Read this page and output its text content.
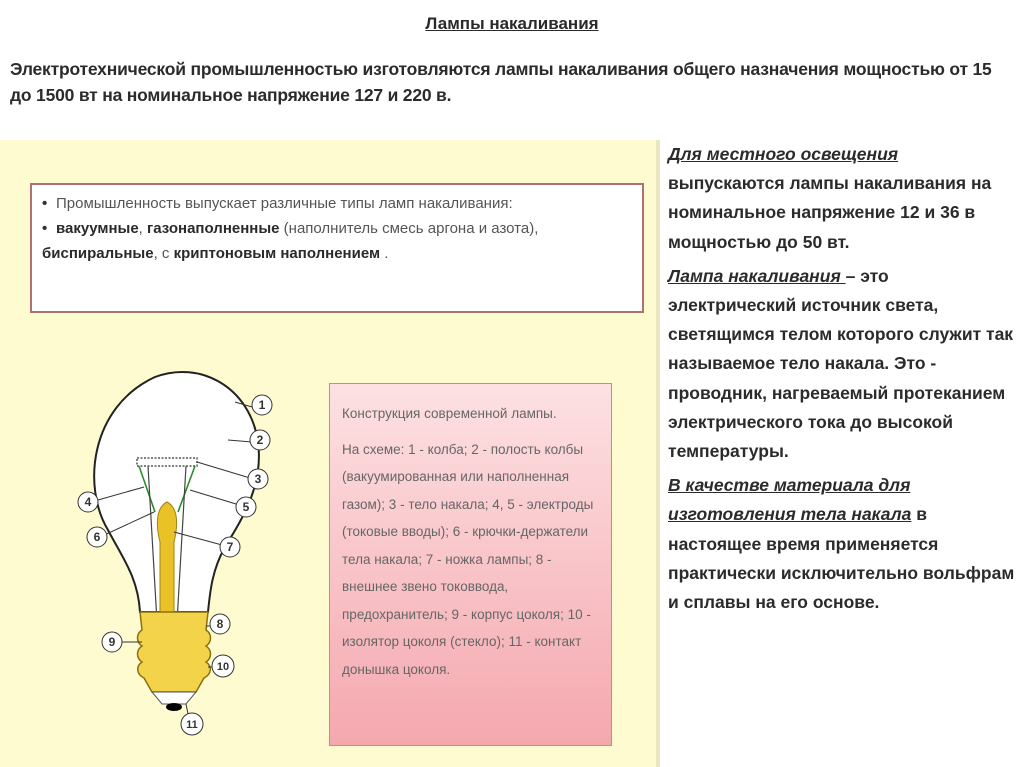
Лампы накаливания
Электротехнической промышленностью изготовляются лампы накаливания общего назначения мощностью от 15 до 1500 вт на номинальное напряжение 127 и 220 в.

• Промышленность выпускает различные типы ламп накаливания:

• вакуумные, газонаполненные (наполнитель смесь аргона и азота), биспиральные, с криптоновым наполнением .

1
2
3
4	5
6
7
8
9
10
11

Конструкция современной лампы.

На схеме: 1 - колба; 2 - полость колбы (вакуумированная или наполненная газом); 3 - тело накала; 4, 5 - электроды (токовые вводы); 6 - крючки-держатели тела накала; 7 - ножка лампы; 8 - внешнее звено токоввода, предохранитель; 9 - корпус цоколя; 10 - изолятор цоколя (стекло); 11 - контакт донышка цоколя.

Для местного освещения выпускаются лампы накаливания на номинальное напряжение 12 и 36 в мощностью до 50 вт.

Лампа накаливания – это электрический источник света, светящимся телом которого служит так называемое тело накала. Это - проводник, нагреваемый протеканием электрического тока до высокой температуры.

В качестве материала для изготовления тела накала в настоящее время применяется практически исключительно вольфрам и сплавы на его основе.
